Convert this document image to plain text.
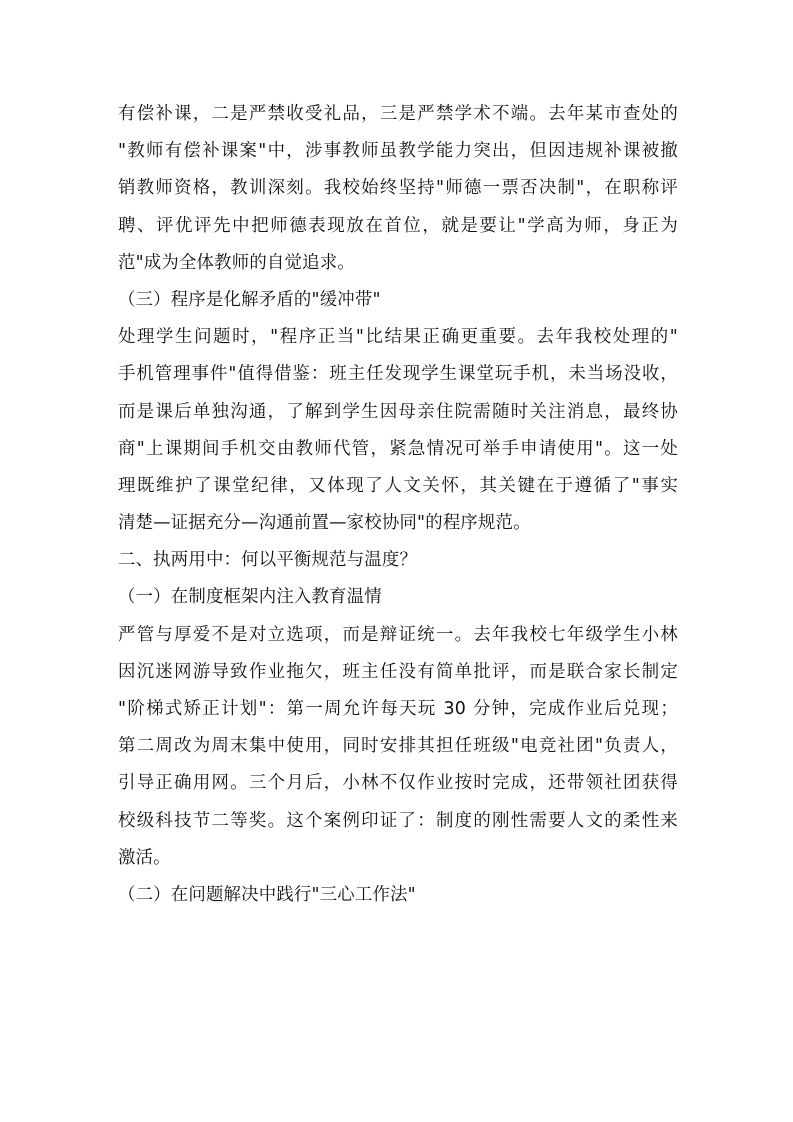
有偿补课，二是严禁收受礼品，三是严禁学术不端。去年某市查处的
"教师有偿补课案"中，涉事教师虽教学能力突出，但因违规补课被撤
销教师资格，教训深刻。我校始终坚持"师德一票否决制"，在职称评
聘、评优评先中把师德表现放在首位，就是要让"学高为师，身正为
范"成为全体教师的自觉追求。
（三）程序是化解矛盾的"缓冲带"
处理学生问题时，"程序正当"比结果正确更重要。去年我校处理的"
手机管理事件"值得借鉴：班主任发现学生课堂玩手机，未当场没收，
而是课后单独沟通，了解到学生因母亲住院需随时关注消息，最终协
商"上课期间手机交由教师代管，紧急情况可举手申请使用"。这一处
理既维护了课堂纪律，又体现了人文关怀，其关键在于遵循了"事实
清楚—证据充分—沟通前置—家校协同"的程序规范。
二、执两用中：何以平衡规范与温度？
（一）在制度框架内注入教育温情
严管与厚爱不是对立选项，而是辩证统一。去年我校七年级学生小林
因沉迷网游导致作业拖欠，班主任没有简单批评，而是联合家长制定
"阶梯式矫正计划"：第一周允许每天玩 30 分钟，完成作业后兑现；
第二周改为周末集中使用，同时安排其担任班级"电竞社团"负责人，
引导正确用网。三个月后，小林不仅作业按时完成，还带领社团获得
校级科技节二等奖。这个案例印证了：制度的刚性需要人文的柔性来
激活。
（二）在问题解决中践行"三心工作法"
